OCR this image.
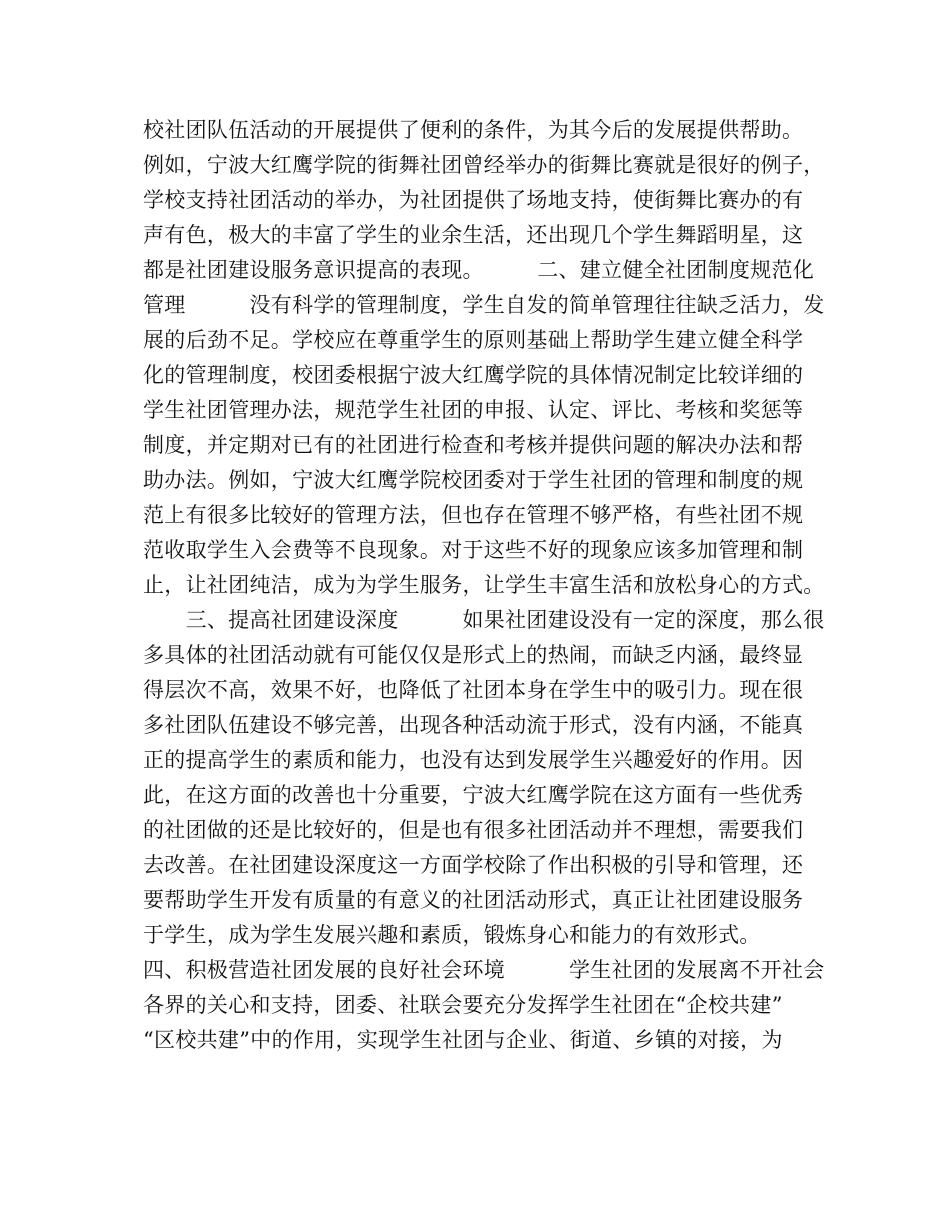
校社团队伍活动的开展提供了便利的条件，为其今后的发展提供帮助。
例如，宁波大红鹰学院的街舞社团曾经举办的街舞比赛就是很好的例子，
学校支持社团活动的举办，为社团提供了场地支持，使街舞比赛办的有
声有色，极大的丰富了学生的业余生活，还出现几个学生舞蹈明星，这
都是社团建设服务意识提高的表现。　　　二、建立健全社团制度规范化
管理　　　没有科学的管理制度，学生自发的简单管理往往缺乏活力，发
展的后劲不足。学校应在尊重学生的原则基础上帮助学生建立健全科学
化的管理制度，校团委根据宁波大红鹰学院的具体情况制定比较详细的
学生社团管理办法，规范学生社团的申报、认定、评比、考核和奖惩等
制度，并定期对已有的社团进行检查和考核并提供问题的解决办法和帮
助办法。例如，宁波大红鹰学院校团委对于学生社团的管理和制度的规
范上有很多比较好的管理方法，但也存在管理不够严格，有些社团不规
范收取学生入会费等不良现象。对于这些不好的现象应该多加管理和制
止，让社团纯洁，成为为学生服务，让学生丰富生活和放松身心的方式。
　　三、提高社团建设深度　　　如果社团建设没有一定的深度，那么很
多具体的社团活动就有可能仅仅是形式上的热闹，而缺乏内涵，最终显
得层次不高，效果不好，也降低了社团本身在学生中的吸引力。现在很
多社团队伍建设不够完善，出现各种活动流于形式，没有内涵，不能真
正的提高学生的素质和能力，也没有达到发展学生兴趣爱好的作用。因
此，在这方面的改善也十分重要，宁波大红鹰学院在这方面有一些优秀
的社团做的还是比较好的，但是也有很多社团活动并不理想，需要我们
去改善。在社团建设深度这一方面学校除了作出积极的引导和管理，还
要帮助学生开发有质量的有意义的社团活动形式，真正让社团建设服务
于学生，成为学生发展兴趣和素质，锻炼身心和能力的有效形式。
四、积极营造社团发展的良好社会环境　　　学生社团的发展离不开社会
各界的关心和支持，团委、社联会要充分发挥学生社团在“企校共建”
“区校共建”中的作用，实现学生社团与企业、街道、乡镇的对接，为
